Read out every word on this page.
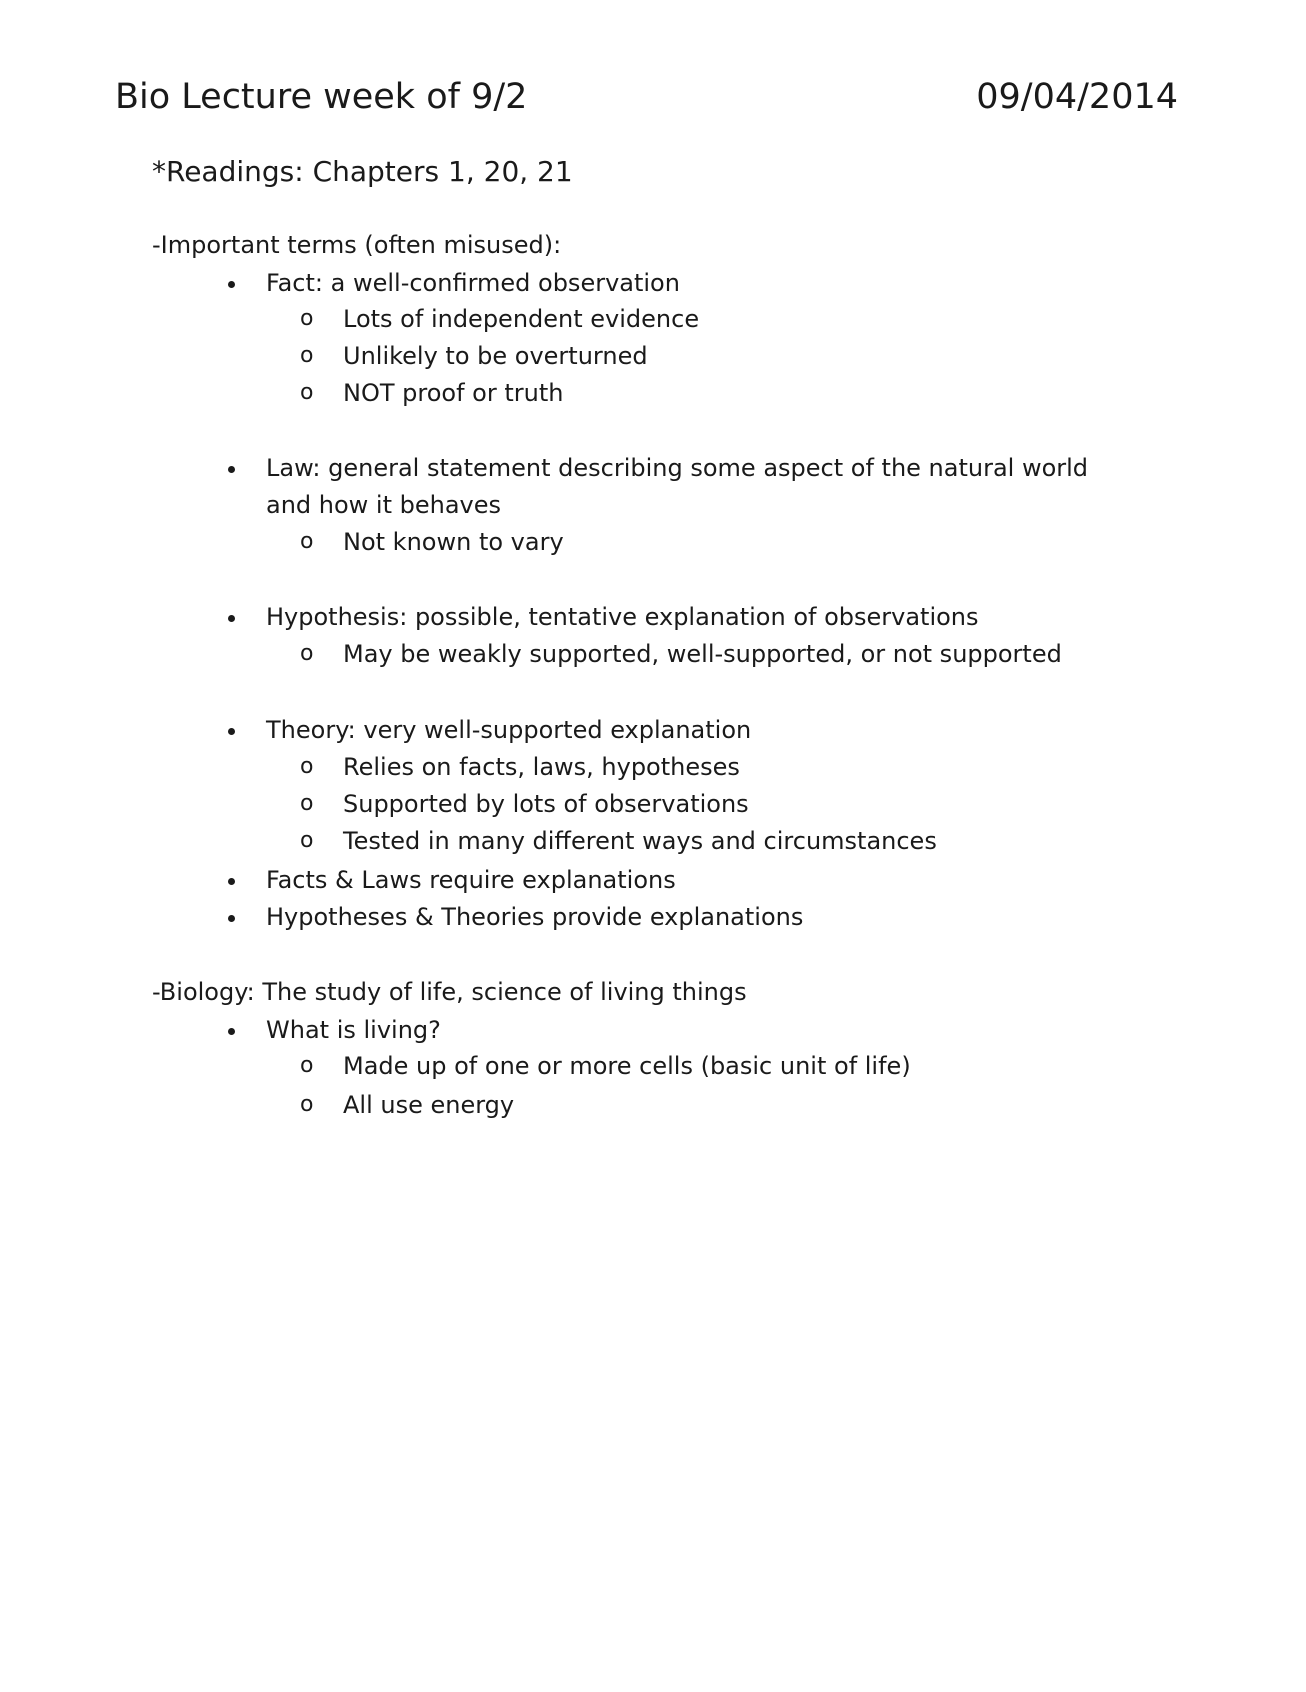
Bio Lecture week of 9/2	09/04/2014
*Readings: Chapters 1, 20, 21
-Important terms (often misused):
Fact: a well-confirmed observation
o Lots of independent evidence
o Unlikely to be overturned
o NOT proof or truth
Law: general statement describing some aspect of the natural world
and how it behaves
o Not known to vary
Hypothesis: possible, tentative explanation of observations
o May be weakly supported, well-supported, or not supported
Theory: very well-supported explanation
o Relies on facts, laws, hypotheses
o Supported by lots of observations
o Tested in many different ways and circumstances
Facts & Laws require explanations
Hypotheses & Theories provide explanations
-Biology: The study of life, science of living things
What is living?
o Made up of one or more cells (basic unit of life)
o All use energy
